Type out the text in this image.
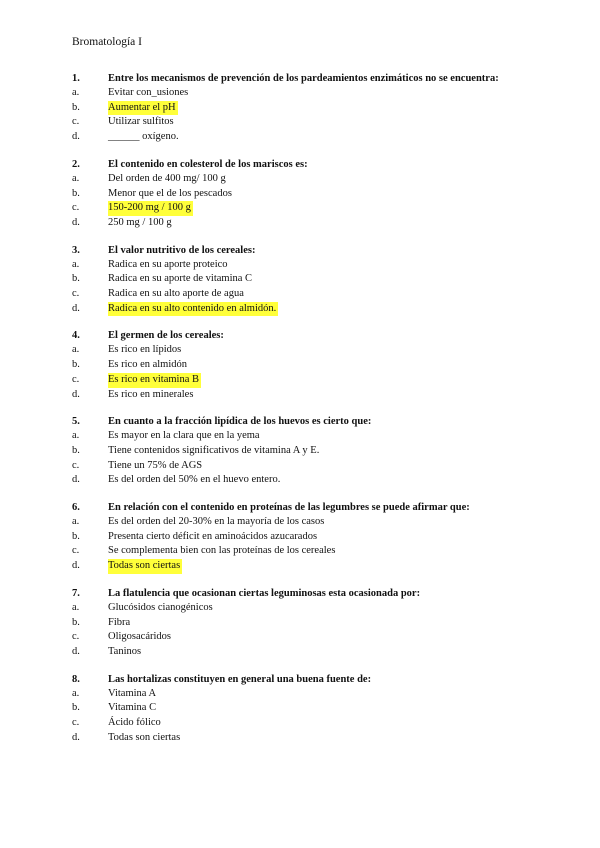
Bromatología I
1.	Entre los mecanismos de prevención de los pardeamientos enzimáticos no se encuentra:
a.	Evitar con_usiones
b.	Aumentar el pH
c.	Utilizar sulfitos
d.	______ oxígeno.
2.	El contenido en colesterol de los mariscos es:
a.	Del orden de 400 mg/ 100 g
b.	Menor que el de los pescados
c.	150-200 mg / 100 g
d.	250 mg / 100 g
3.	El valor nutritivo de los cereales:
a.	Radica en su aporte proteico
b.	Radica en su aporte de vitamina C
c.	Radica en su alto aporte de agua
d.	Radica en su alto contenido en almidón.
4.	El germen de los cereales:
a.	Es rico en lípidos
b.	Es rico en almidón
c.	Es rico en vitamina B
d.	Es rico en minerales
5.	En cuanto a la fracción lipídica de los huevos es cierto que:
a.	Es mayor en la clara que en la yema
b.	Tiene contenidos significativos de vitamina A y E.
c.	Tiene un 75% de AGS
d.	Es del orden del 50% en el huevo entero.
6.	En relación con el contenido en proteínas de las legumbres se puede afirmar que:
a.	Es del orden del 20-30% en la mayoría de los casos
b.	Presenta cierto déficit en aminoácidos azucarados
c.	Se complementa bien con las proteínas de los cereales
d.	Todas son ciertas
7.	La flatulencia que ocasionan ciertas leguminosas esta ocasionada por:
a.	Glucósidos cianogénicos
b.	Fibra
c.	Oligosacáridos
d.	Taninos
8.	Las hortalizas constituyen en general una buena fuente de:
a.	Vitamina A
b.	Vitamina C
c.	Ácido fólico
d.	Todas son ciertas
